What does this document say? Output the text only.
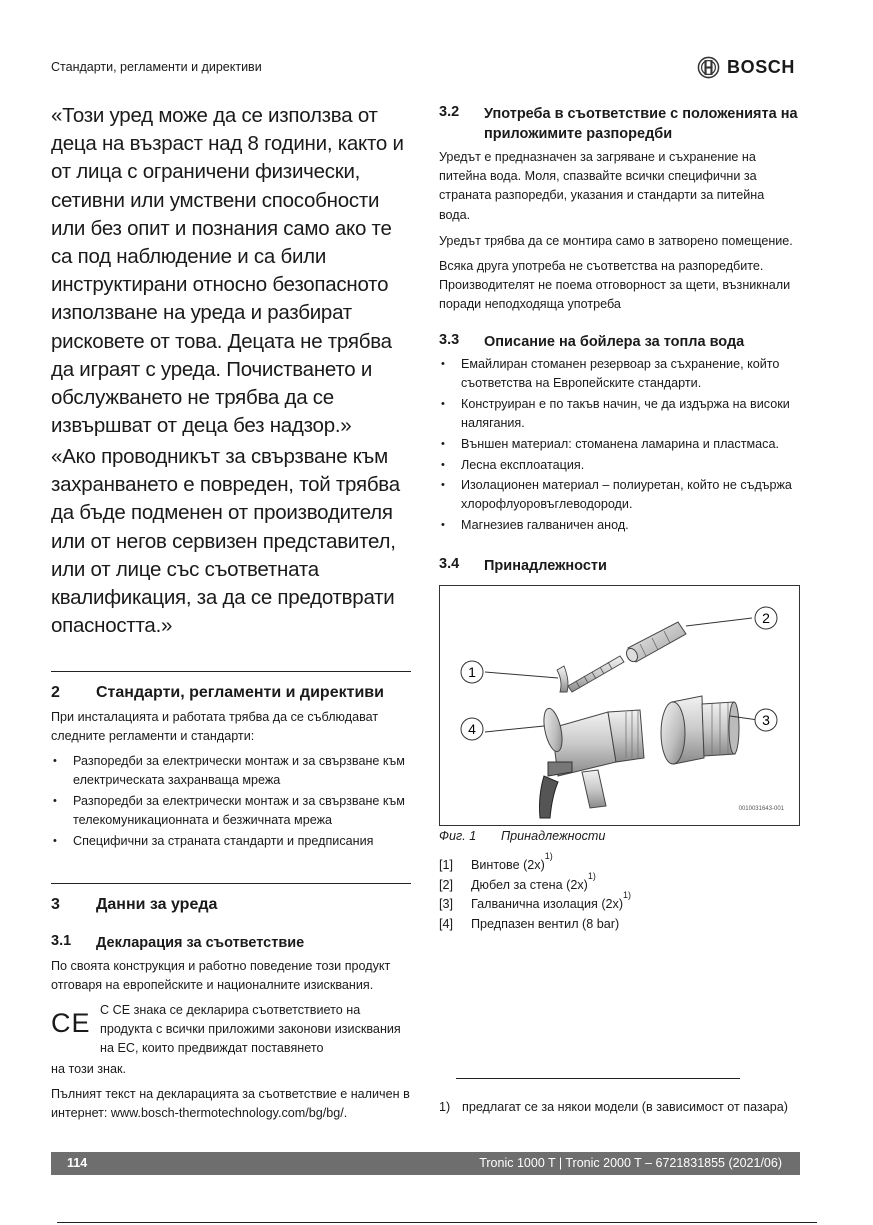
Стандарти, регламенти и директиви	BOSCH
«Този уред може да се използва от деца на възраст над 8 години, както и от лица с ограничени физически, сетивни или умствени способности или без опит и познания само ако те са под наблюдение и са били инструктирани относно безопасното използване на уреда и разбират рисковете от това. Децата не трябва да играят с уреда. Почистването и обслужването не трябва да се извършват от деца без надзор.»
«Ако проводникът за свързване към захранването е повреден, той трябва да бъде подменен от производителя или от негов сервизен представител, или от лице със съответната квалификация, за да се предотврати опасността.»
2	Стандарти, регламенти и директиви
При инсталацията и работата трябва да се съблюдават следните регламенти и стандарти:
• Разпоредби за електрически монтаж и за свързване към електрическата захранваща мрежа
• Разпоредби за електрически монтаж и за свързване към телекомуникационната и безжичната мрежа
• Специфични за страната стандарти и предписания
3	Данни за уреда
3.1	Декларация за съответствие
По своята конструкция и работно поведение този продукт отговаря на европейските и националните изисквания.
CE С CE знака се декларира съответствието на продукта с всички приложими законови изисквания на ЕС, които предвиждат поставянето
на този знак.
Пълният текст на декларацията за съответствие е наличен в интернет: www.bosch-thermotechnology.com/bg/bg/.
3.2	Употреба в съответствие с положенията на приложимите разпоредби
Уредът е предназначен за загряване и съхранение на питейна вода. Моля, спазвайте всички специфични за страната разпоредби, указания и стандарти за питейна вода.
Уредът трябва да се монтира само в затворено помещение.
Всяка друга употреба не съответства на разпоредбите. Производителят не поема отговорност за щети, възникнали поради неподходяща употреба
3.3	Описание на бойлера за топла вода
• Емайлиран стоманен резервоар за съхранение, който съответства на Европейските стандарти.
• Конструиран е по такъв начин, че да издържа на високи налягания.
• Външен материал: стоманена ламарина и пластмаса.
• Лесна експлоатация.
• Изолационен материал – полиуретан, който не съдържа хлорофлуоровъглеводороди.
• Магнезиев галваничен анод.
3.4	Принадлежности
1
2
3
4
0010031643-001
Фиг. 1	Принадлежности
[1]	Винтове (2x)
1)
[2]	Дюбел за стена (2x)
1)
[3]	Галванична изолация (2x)
1)
[4]	Предпазен вентил (8 bar)
1) предлагат се за някои модели (в зависимост от пазара)
114	Tronic 1000 T | Tronic 2000 T – 6721831855 (2021/06)
